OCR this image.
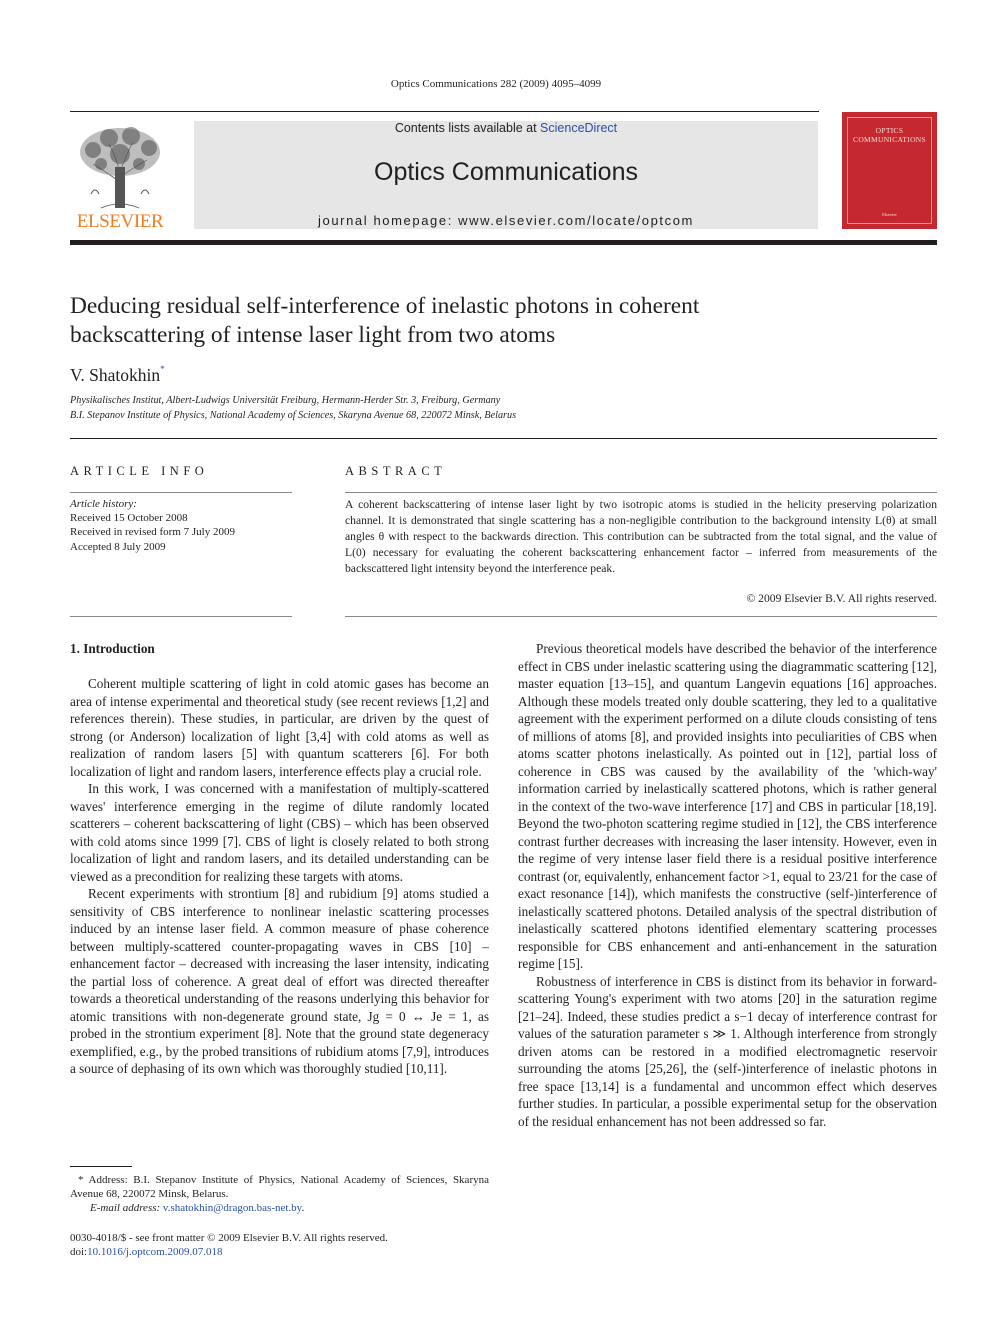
Optics Communications 282 (2009) 4095–4099
ELSEVIER
Contents lists available at ScienceDirect
Optics Communications
journal homepage: www.elsevier.com/locate/optcom
OPTICS
COMMUNICATIONS
Elsevier
Deducing residual self-interference of inelastic photons in coherent
backscattering of intense laser light from two atoms
V. Shatokhin*
Physikalisches Institut, Albert-Ludwigs Universität Freiburg, Hermann-Herder Str. 3, Freiburg, Germany
B.I. Stepanov Institute of Physics, National Academy of Sciences, Skaryna Avenue 68, 220072 Minsk, Belarus
ARTICLE INFO
Article history:
Received 15 October 2008
Received in revised form 7 July 2009
Accepted 8 July 2009
ABSTRACT
A coherent backscattering of intense laser light by two isotropic atoms is studied in the helicity preserving polarization channel. It is demonstrated that single scattering has a non-negligible contribution to the background intensity L(θ) at small angles θ with respect to the backwards direction. This contribution can be subtracted from the total signal, and the value of L(0) necessary for evaluating the coherent backscattering enhancement factor – inferred from measurements of the backscattered light intensity beyond the interference peak.
© 2009 Elsevier B.V. All rights reserved.

1. Introduction

Coherent multiple scattering of light in cold atomic gases has become an area of intense experimental and theoretical study (see recent reviews [1,2] and references therein). These studies, in particular, are driven by the quest of strong (or Anderson) localization of light [3,4] with cold atoms as well as realization of random lasers [5] with quantum scatterers [6]. For both localization of light and random lasers, interference effects play a crucial role.

In this work, I was concerned with a manifestation of multiply-scattered waves' interference emerging in the regime of dilute randomly located scatterers – coherent backscattering of light (CBS) – which has been observed with cold atoms since 1999 [7]. CBS of light is closely related to both strong localization of light and random lasers, and its detailed understanding can be viewed as a precondition for realizing these targets with atoms.

Recent experiments with strontium [8] and rubidium [9] atoms studied a sensitivity of CBS interference to nonlinear inelastic scattering processes induced by an intense laser field. A common measure of phase coherence between multiply-scattered counter-propagating waves in CBS [10] – enhancement factor – decreased with increasing the laser intensity, indicating the partial loss of coherence. A great deal of effort was directed thereafter towards a theoretical understanding of the reasons underlying this behavior for atomic transitions with non-degenerate ground state, Jg = 0 ↔ Je = 1, as probed in the strontium experiment [8]. Note that the ground state degeneracy exemplified, e.g., by the probed transitions of rubidium atoms [7,9], introduces a source of dephasing of its own which was thoroughly studied [10,11].

Previous theoretical models have described the behavior of the interference effect in CBS under inelastic scattering using the diagrammatic scattering [12], master equation [13–15], and quantum Langevin equations [16] approaches. Although these models treated only double scattering, they led to a qualitative agreement with the experiment performed on a dilute clouds consisting of tens of millions of atoms [8], and provided insights into peculiarities of CBS when atoms scatter photons inelastically. As pointed out in [12], partial loss of coherence in CBS was caused by the availability of the 'which-way' information carried by inelastically scattered photons, which is rather general in the context of the two-wave interference [17] and CBS in particular [18,19]. Beyond the two-photon scattering regime studied in [12], the CBS interference contrast further decreases with increasing the laser intensity. However, even in the regime of very intense laser field there is a residual positive interference contrast (or, equivalently, enhancement factor >1, equal to 23/21 for the case of exact resonance [14]), which manifests the constructive (self-)interference of inelastically scattered photons. Detailed analysis of the spectral distribution of inelastically scattered photons identified elementary scattering processes responsible for CBS enhancement and anti-enhancement in the saturation regime [15].

Robustness of interference in CBS is distinct from its behavior in forward-scattering Young's experiment with two atoms [20] in the saturation regime [21–24]. Indeed, these studies predict a s−1 decay of interference contrast for values of the saturation parameter s ≫ 1. Although interference from strongly driven atoms can be restored in a modified electromagnetic reservoir surrounding the atoms [25,26], the (self-)interference of inelastic photons in free space [13,14] is a fundamental and uncommon effect which deserves further studies. In particular, a possible experimental setup for the observation of the residual enhancement has not been addressed so far.

* Address: B.I. Stepanov Institute of Physics, National Academy of Sciences, Skaryna Avenue 68, 220072 Minsk, Belarus.
E-mail address: v.shatokhin@dragon.bas-net.by.
0030-4018/$ - see front matter © 2009 Elsevier B.V. All rights reserved.
doi:10.1016/j.optcom.2009.07.018
